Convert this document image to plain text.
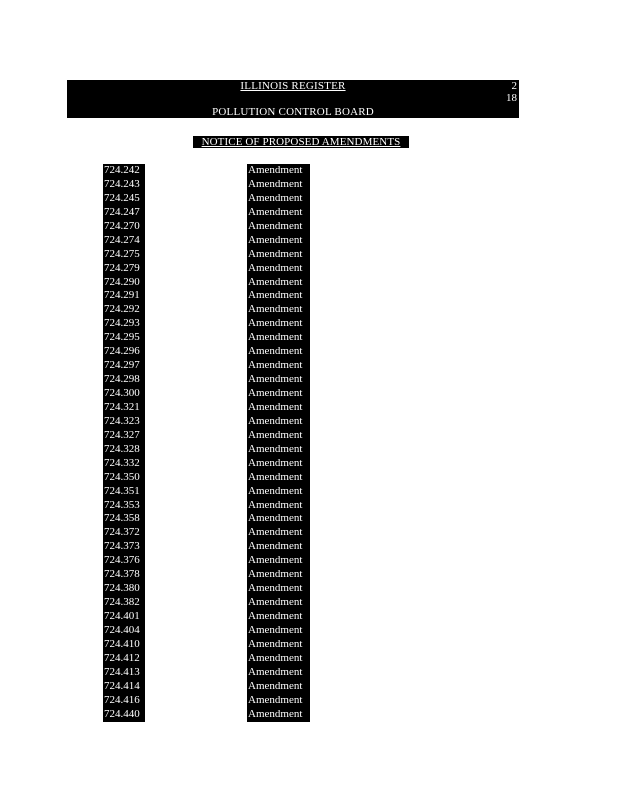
ILLINOIS REGISTER	2
18
POLLUTION CONTROL BOARD
NOTICE OF PROPOSED AMENDMENTS
724.242	Amendment
724.243	Amendment
724.245	Amendment
724.247	Amendment
724.270	Amendment
724.274	Amendment
724.275	Amendment
724.279	Amendment
724.290	Amendment
724.291	Amendment
724.292	Amendment
724.293	Amendment
724.295	Amendment
724.296	Amendment
724.297	Amendment
724.298	Amendment
724.300	Amendment
724.321	Amendment
724.323	Amendment
724.327	Amendment
724.328	Amendment
724.332	Amendment
724.350	Amendment
724.351	Amendment
724.353	Amendment
724.358	Amendment
724.372	Amendment
724.373	Amendment
724.376	Amendment
724.378	Amendment
724.380	Amendment
724.382	Amendment
724.401	Amendment
724.404	Amendment
724.410	Amendment
724.412	Amendment
724.413	Amendment
724.414	Amendment
724.416	Amendment
724.440	Amendment
